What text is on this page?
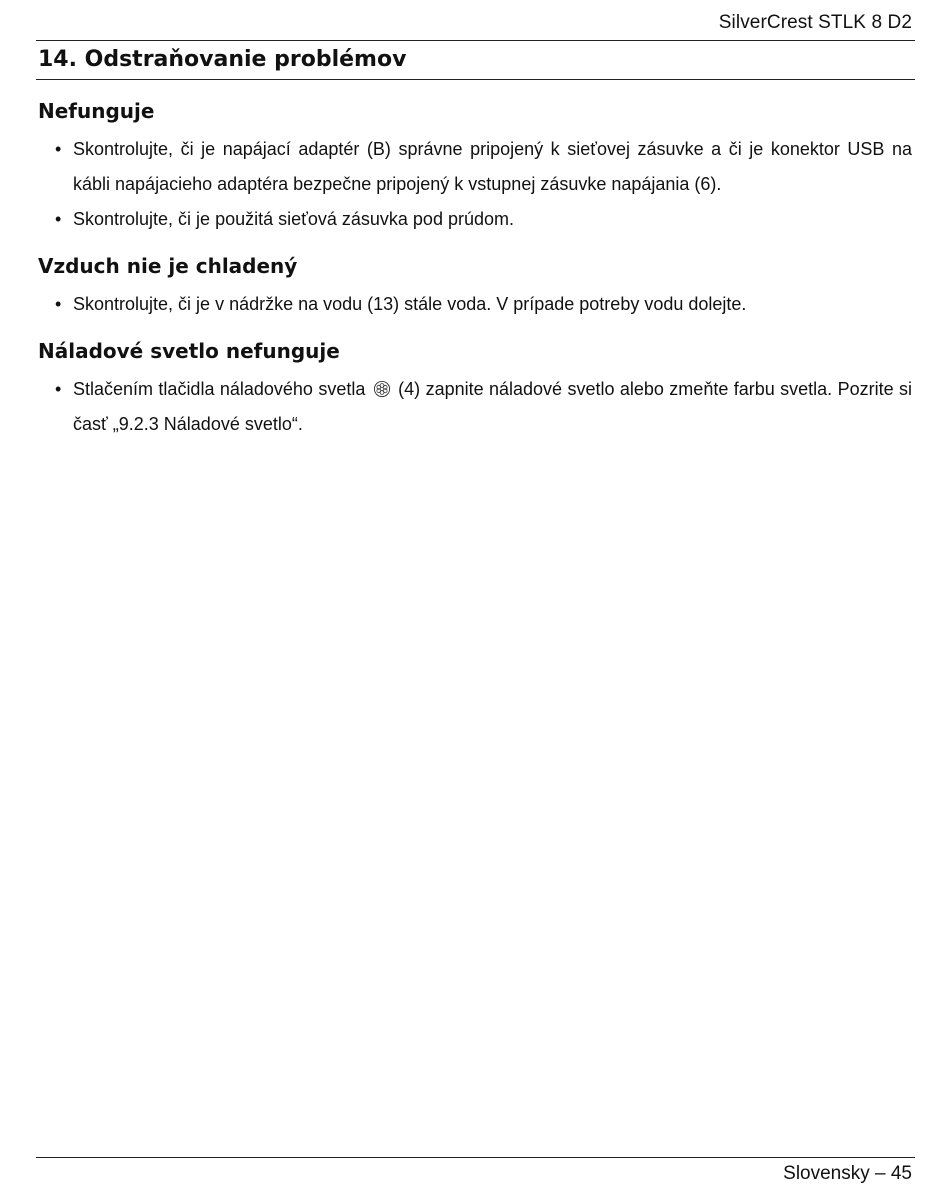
SilverCrest STLK 8 D2
14. Odstraňovanie problémov
Nefunguje
• Skontrolujte, či je napájací adaptér (B) správne pripojený k sieťovej zásuvke a či je konektor USB na kábli napájacieho adaptéra bezpečne pripojený k vstupnej zásuvke napájania (6).
• Skontrolujte, či je použitá sieťová zásuvka pod prúdom.
Vzduch nie je chladený
• Skontrolujte, či je v nádržke na vodu (13) stále voda. V prípade potreby vodu dolejte.
Náladové svetlo nefunguje
• Stlačením tlačidla náladového svetla (4) zapnite náladové svetlo alebo zmeňte farbu svetla. Pozrite si časť „9.2.3 Náladové svetlo“.
Slovensky – 45
